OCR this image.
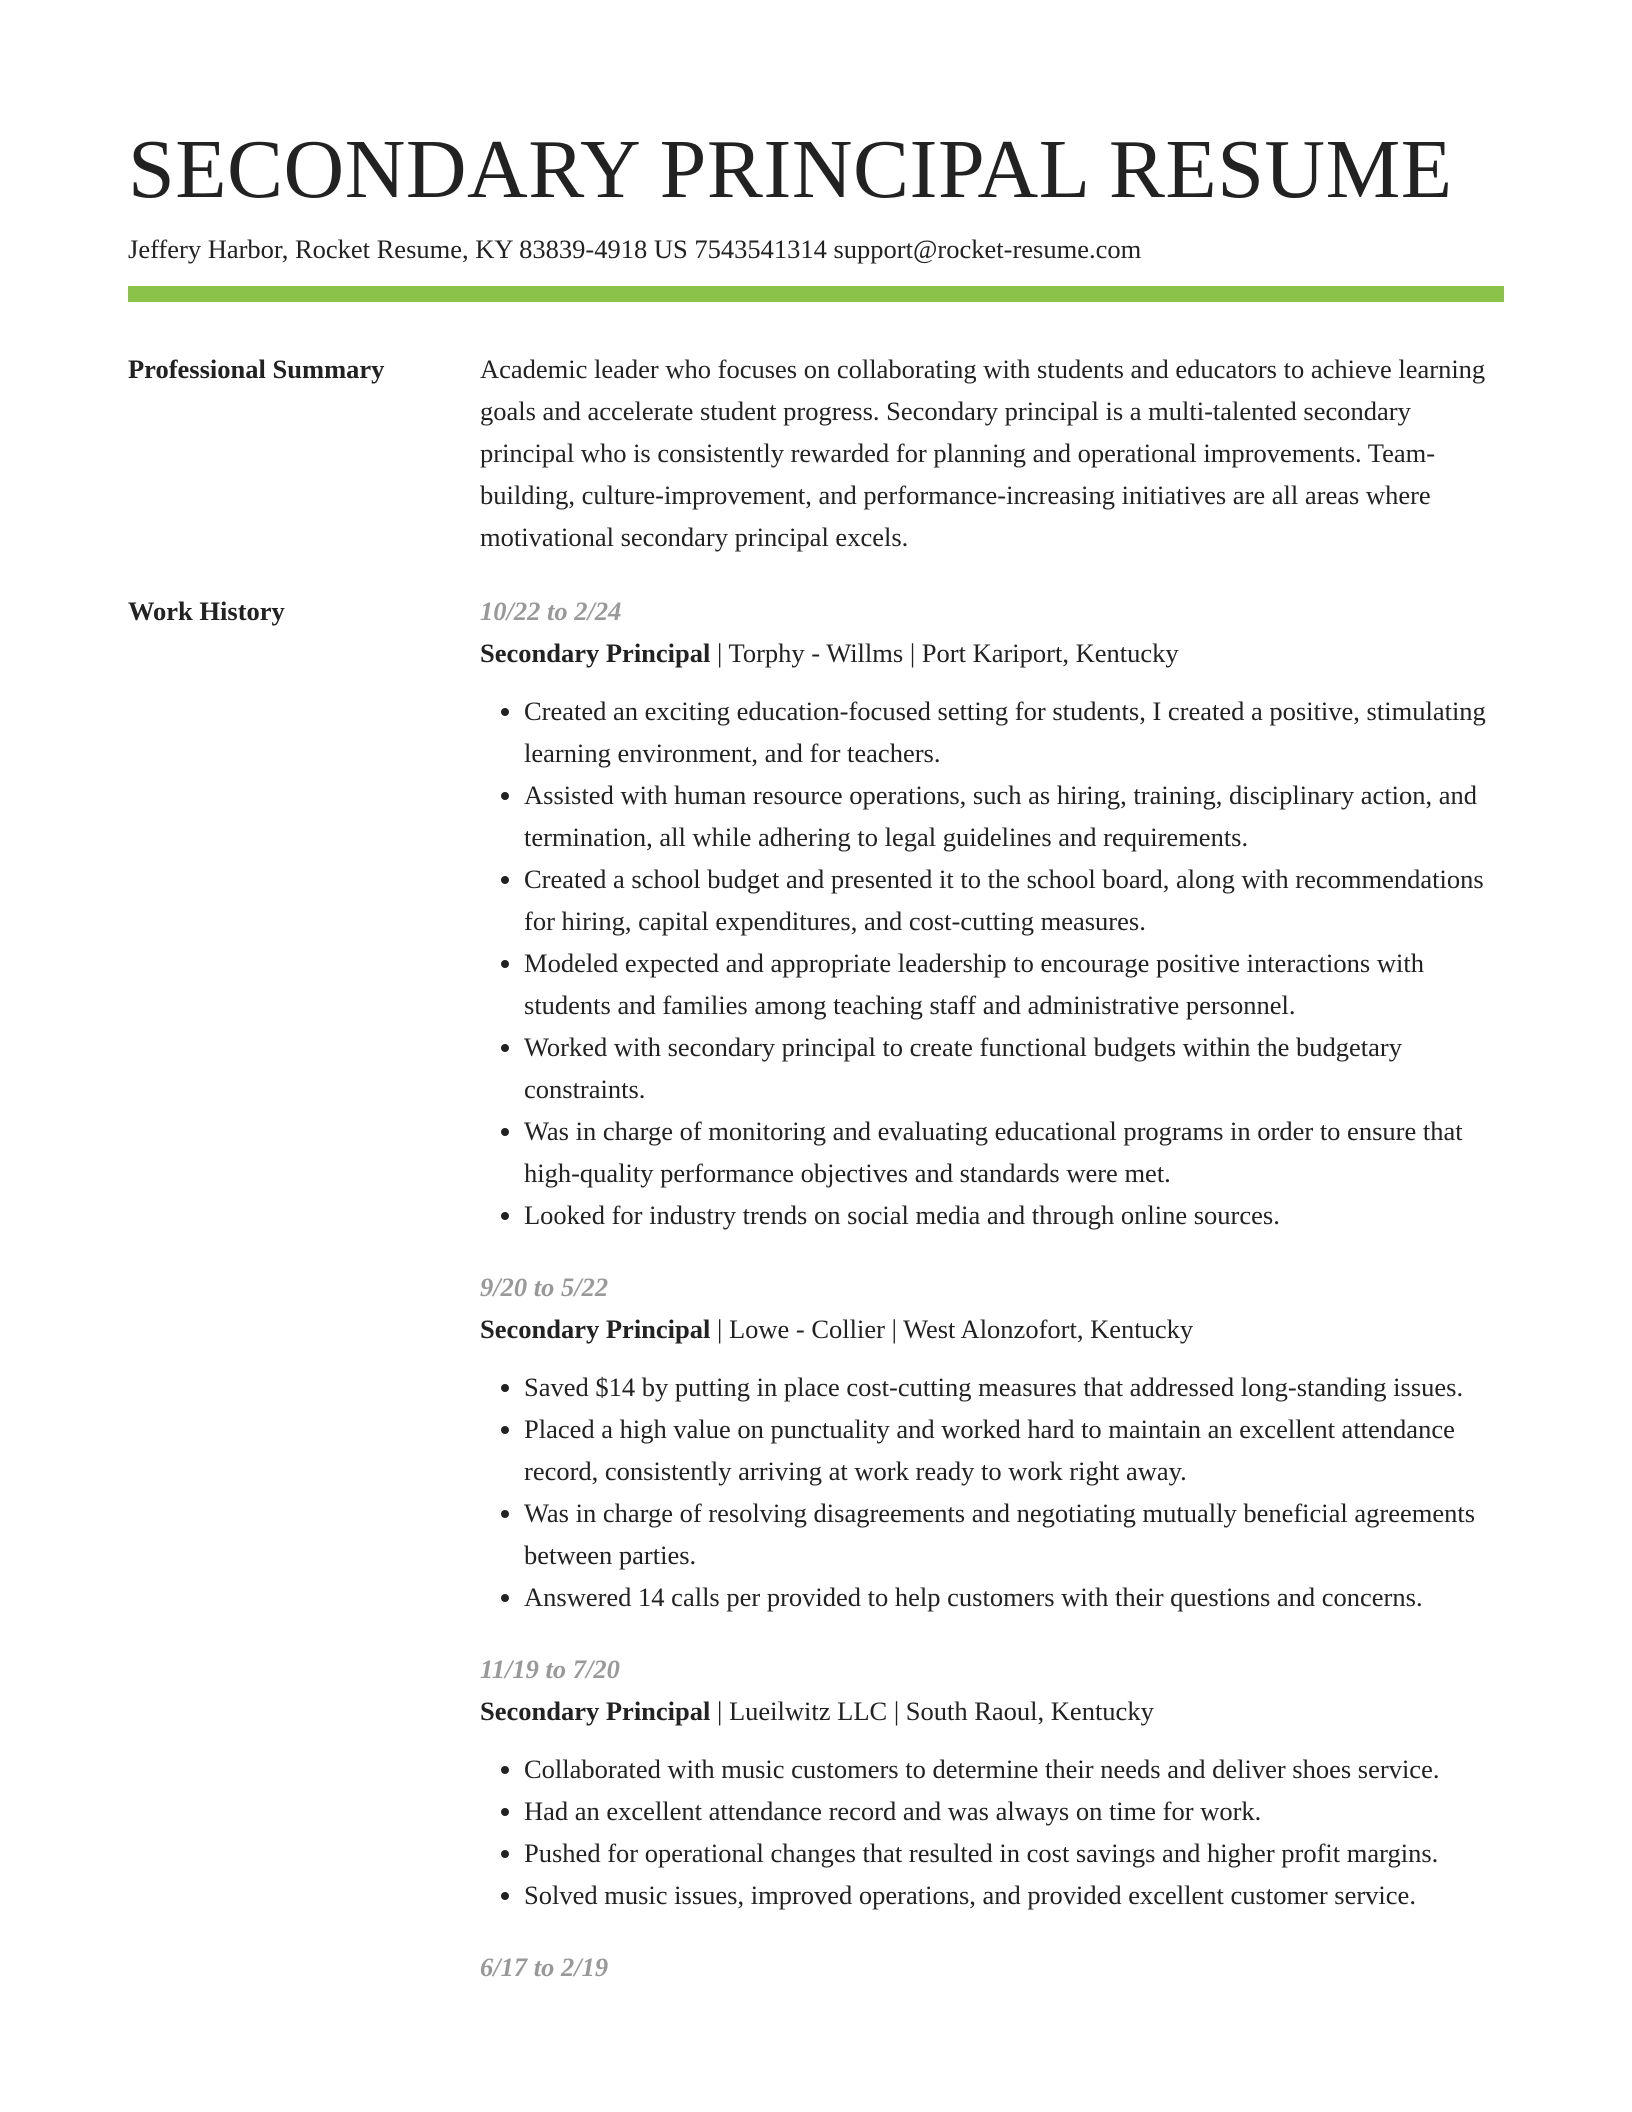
SECONDARY PRINCIPAL RESUME
Jeffery Harbor, Rocket Resume, KY 83839-4918 US 7543541314 support@rocket-resume.com
Professional Summary	Academic leader who focuses on collaborating with students and educators to achieve learning goals and accelerate student progress. Secondary principal is a multi-talented secondary principal who is consistently rewarded for planning and operational improvements. Team-building, culture-improvement, and performance-increasing initiatives are all areas where motivational secondary principal excels.

Work History	10/22 to 2/24
Secondary Principal | Torphy - Willms | Port Kariport, Kentucky
• Created an exciting education-focused setting for students, I created a positive, stimulating learning environment, and for teachers.
• Assisted with human resource operations, such as hiring, training, disciplinary action, and termination, all while adhering to legal guidelines and requirements.
• Created a school budget and presented it to the school board, along with recommendations for hiring, capital expenditures, and cost-cutting measures.
• Modeled expected and appropriate leadership to encourage positive interactions with students and families among teaching staff and administrative personnel.
• Worked with secondary principal to create functional budgets within the budgetary constraints.
• Was in charge of monitoring and evaluating educational programs in order to ensure that high-quality performance objectives and standards were met.
• Looked for industry trends on social media and through online sources.
9/20 to 5/22
Secondary Principal | Lowe - Collier | West Alonzofort, Kentucky
• Saved $14 by putting in place cost-cutting measures that addressed long-standing issues.
• Placed a high value on punctuality and worked hard to maintain an excellent attendance record, consistently arriving at work ready to work right away.
• Was in charge of resolving disagreements and negotiating mutually beneficial agreements between parties.
• Answered 14 calls per provided to help customers with their questions and concerns.
11/19 to 7/20
Secondary Principal | Lueilwitz LLC | South Raoul, Kentucky
• Collaborated with music customers to determine their needs and deliver shoes service.
• Had an excellent attendance record and was always on time for work.
• Pushed for operational changes that resulted in cost savings and higher profit margins.
• Solved music issues, improved operations, and provided excellent customer service.
6/17 to 2/19
